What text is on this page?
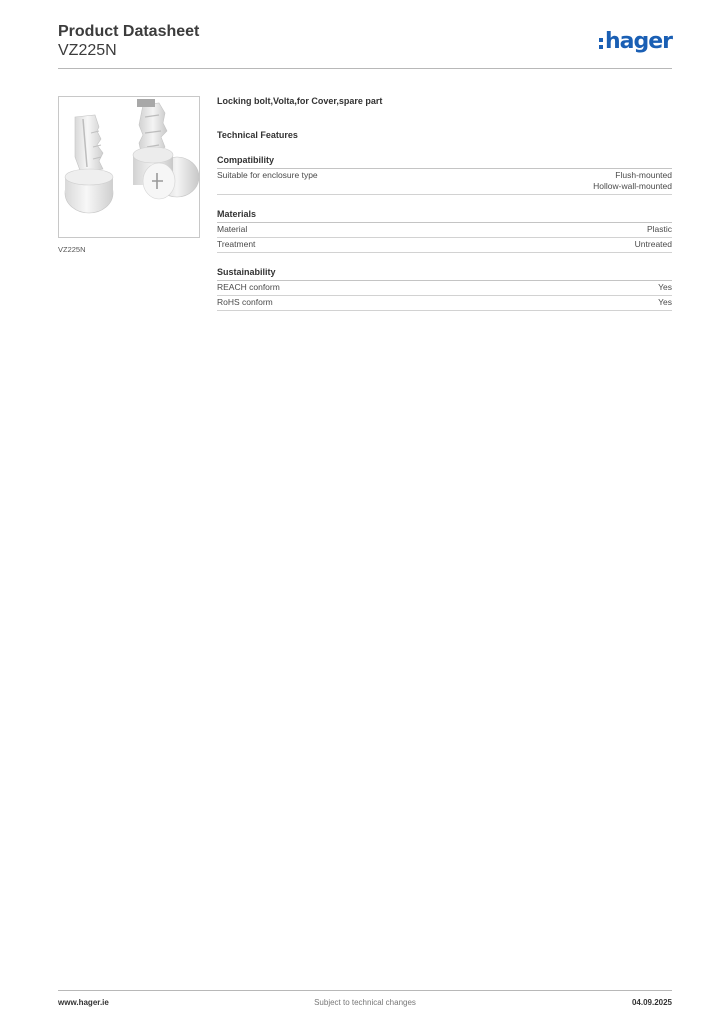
Product Datasheet
VZ225N	hager
VZ225N
Locking bolt,Volta,for Cover,spare part
Technical Features
Compatibility
Suitable for enclosure type	Flush-mounted
Hollow-wall-mounted
Materials
Material	Plastic
Treatment	Untreated
Sustainability
REACH conform	Yes
RoHS conform	Yes
www.hager.ie	Subject to technical changes	04.09.2025
